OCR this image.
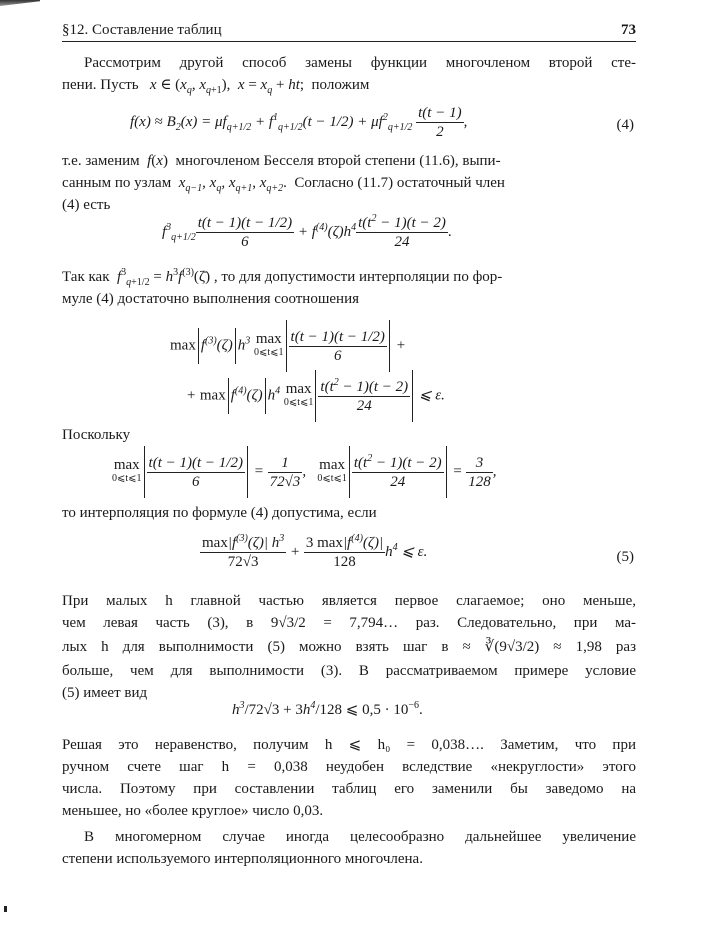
§12. Составление таблиц	73
Рассмотрим другой способ замены функции многочленом второй сте-
пени. Пусть   x ∈ ($x_q$, $x_{q+1}$),  $x = x_q$ + ht;  положим
$f(x) \approx B_2(x) = \mu f_{q+1/2} + f^1_{q+1/2}(t - 1/2) + \mu f^2_{q+1/2} \frac{t(t - 1)}{2}$ ,	(4)
т.е. заменим f(x)  многочленом Бесселя второй степени (11.6), выпи-
санным по узлам $x_{q-1}$, $x_q$, $x_{q+1}$, $x_{q+2}$.  Согласно (11.7) остаточный член
(4) есть
$f^3_{q+1/2} \frac{t(t - 1)(t - 1/2)}{6} + f^{(4)}(\zeta)h^4 \frac{t(t^2 - 1)(t - 2)}{24}$ .
Так как $f^3_{q+1/2}$ = $h^3f^{(3)}(\zetā)$ , то для допустимости интерполяции по фор-
муле (4) достаточно выполнения соотношения
$\max f^{(3)}(\zeta)$ $h^3$ max
0⩽t⩽1 $\frac{t(t - 1)(t - 1/2)}{6}$ +
+ $\max f^{(4)}(\zeta)$ $h^4$ max
0⩽t⩽1 $\frac{t(t^2 - 1)(t - 2)}{24}$ ⩽ ε.
Поскольку
max
0⩽t⩽1 $\frac{t(t - 1)(t - 1/2)}{6} = \frac{1}{72√3}$ ,   max
0⩽t⩽1 $\frac{t(t^2 - 1)(t - 2)}{24} = \frac{3}{128}$ ,
то интерполяция по формуле (4) допустима, если
$\frac{\max|f^{(3)}(\zeta)| h^3}{72√3} + \frac{3 \max|f^{(4)}(\zeta)|}{128} h^4$ ⩽ ε.	(5)
При малых h главной частью является первое слагаемое; оно меньше,
чем левая часть (3), в 9√3/2 = 7,794… раз. Следовательно, при ма-
лых h для выполнимости (5) можно взять шаг в ≈ ∛(9√3/2) ≈ 1,98 раз
больше, чем для выполнимости (3). В рассматриваемом примере условие
(5) имеет вид
$h^3/72√3 + 3h^4/128$ ⩽ $0,5 \cdot 10^{-6}$.
Решая это неравенство, получим h ⩽ h₀ = 0,038…. Заметим, что при
ручном счете шаг h = 0,038 неудобен вследствие «некруглости» этого
числа. Поэтому при составлении таблиц его заменили бы заведомо на
меньшее, но «более круглое» число 0,03.
В многомерном случае иногда целесообразно дальнейшее увеличение
степени используемого интерполяционного многочлена.
